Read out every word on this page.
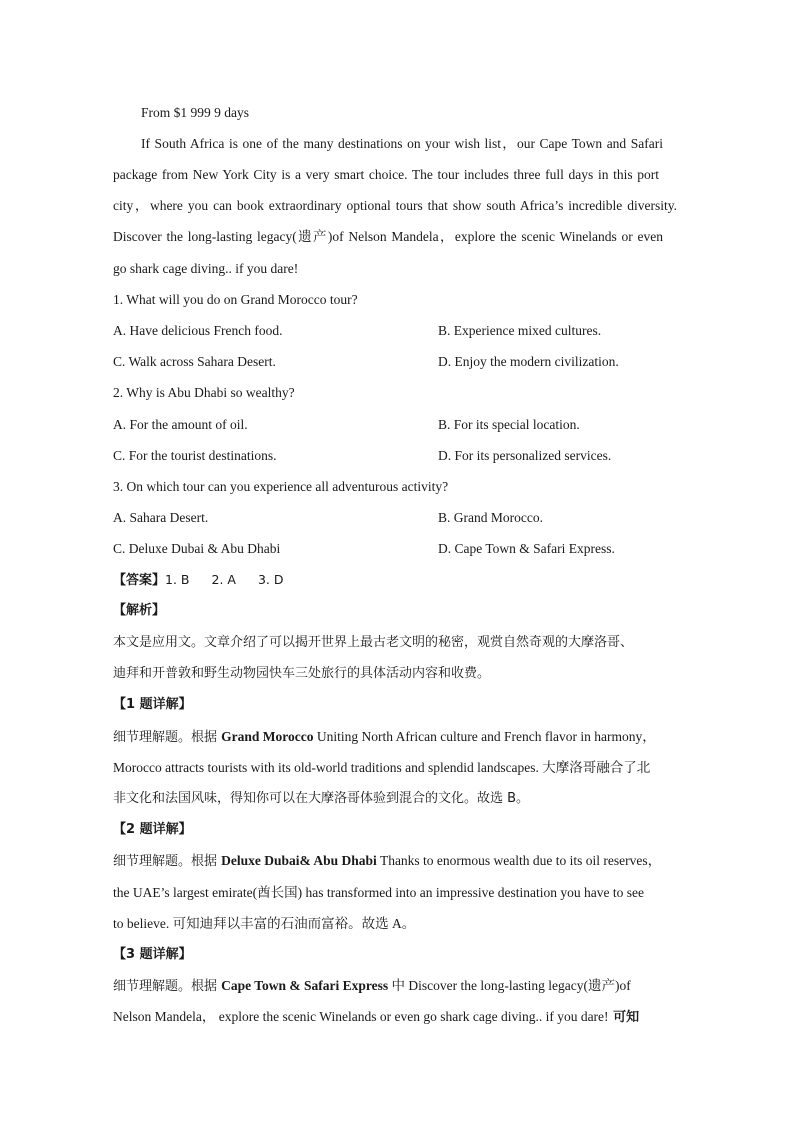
From $1 999 9 days
If South Africa is one of the many destinations on your wish list，our Cape Town and Safari
package from New York City is a very smart choice. The tour includes three full days in this port
city，where you can book extraordinary optional tours that show south Africa’s incredible diversity.
Discover the long-lasting legacy(遗产)of Nelson Mandela，explore the scenic Winelands or even
go shark cage diving.. if you dare!
1. What will you do on Grand Morocco tour?
A. Have delicious French food.	B. Experience mixed cultures.
C. Walk across Sahara Desert.	D. Enjoy the modern civilization.
2. Why is Abu Dhabi so wealthy?
A. For the amount of oil.	B. For its special location.
C. For the tourist destinations.	D. For its personalized services.
3. On which tour can you experience all adventurous activity?
A. Sahara Desert.	B. Grand Morocco.
C. Deluxe Dubai & Abu Dhabi	D. Cape Town & Safari Express.
【答案】1. B 2. A 3. D
【解析】
本文是应用文。文章介绍了可以揭开世界上最古老文明的秘密，观赏自然奇观的大摩洛哥、
迪拜和开普敦和野生动物园快车三处旅行的具体活动内容和收费。
【1 题详解】
细节理解题。根据 Grand Morocco Uniting North African culture and French flavor in harmony，
Morocco attracts tourists with its old-world traditions and splendid landscapes. 大摩洛哥融合了北
非文化和法国风味，得知你可以在大摩洛哥体验到混合的文化。故选 B。
【2 题详解】
细节理解题。根据 Deluxe Dubai& Abu Dhabi Thanks to enormous wealth due to its oil reserves，
the UAE’s largest emirate(酋长国) has transformed into an impressive destination you have to see
to believe. 可知迪拜以丰富的石油而富裕。故选 A。
【3 题详解】
细节理解题。根据 Cape Town & Safari Express 中 Discover the long-lasting legacy(遗产)of
Nelson Mandela， explore the scenic Winelands or even go shark cage diving.. if you dare! 可知
